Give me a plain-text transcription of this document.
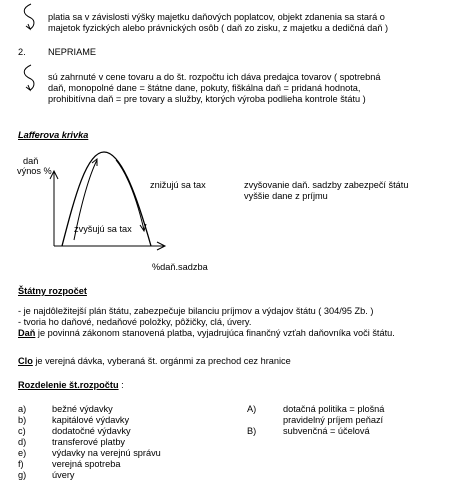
platia sa v závislosti výšky majetku daňových poplatcov, objekt zdanenia sa stará o
majetok fyzických alebo právnických osôb ( daň zo zisku, z majetku a dedičná daň )
2. NEPRIAME
sú zahrnuté v cene tovaru a do št. rozpočtu ich dáva predajca tovarov ( spotrebná
daň, monopolné dane = štátne dane, pokuty, fiškálna daň = pridaná hodnota,
prohibitívna daň = pre tovary a služby, ktorých výroba podlieha kontrole štátu )
Lafferova krivka
daň
výnos %
znižujú sa tax
zvyšujú sa tax
%daň.sadzba
zvyšovanie daň. sadzby zabezpečí štátu
vyššie dane z príjmu
Štátny rozpočet
- je najdôležitejší plán štátu, zabezpečuje bilanciu príjmov a výdajov štátu ( 304/95 Zb. )
- tvoria ho daňové, nedaňové položky, pôžičky, clá, úvery.
Daň je povinná zákonom stanovená platba, vyjadrujúca finančný vzťah daňovníka voči štátu.
Clo je verejná dávka, vyberaná št. orgánmi za prechod cez hranice
Rozdelenie št.rozpočtu :
a)
b)
c)
d)
e)
f)
g)
bežné výdavky
kapitálové výdavky
dodatočné výdavky
transferové platby
výdavky na verejnú správu
verejná spotreba
úvery
A)

B)
dotačná politika = plošná
pravidelný príjem peňazí
subvenčná = účelová
